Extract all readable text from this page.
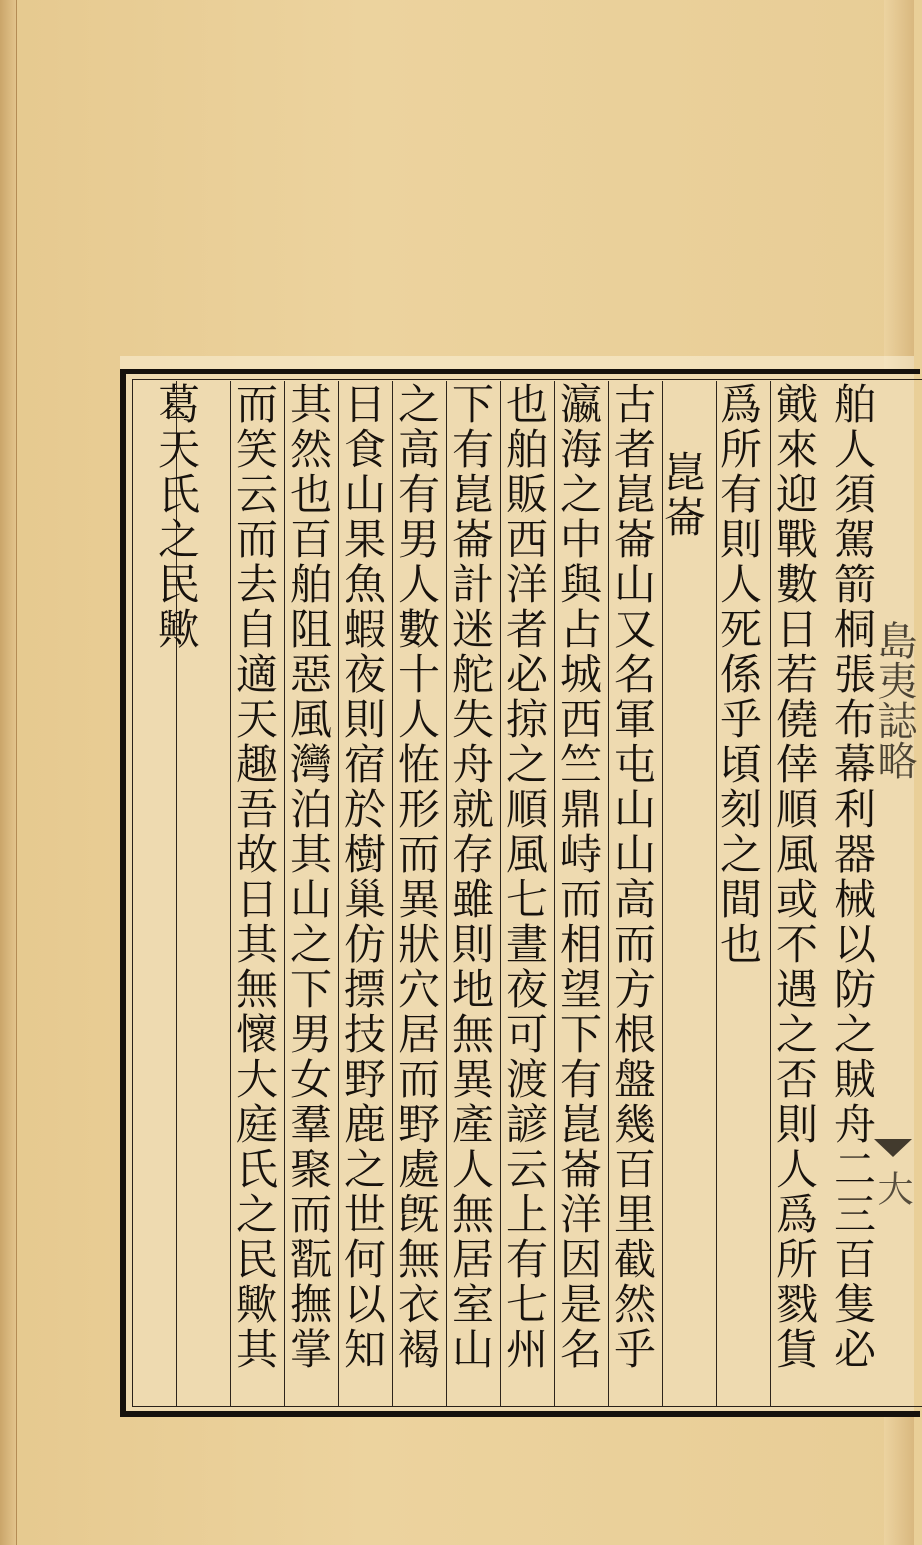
舶人須駕箭桐張布幕利器械以防之賊舟二三百隻必
戭來迎戰數日若僥倖順風或不遇之否則人爲所戮貨
爲所有則人死係乎頃刻之間也
崑崙
古者崑崙山又名軍屯山山高而方根盤幾百里截然乎
瀛海之中與占城西竺鼎峙而相望下有崑崙洋因是名
也舶販西洋者必掠之順風七晝夜可渡諺云上有七州
下有崑崙計迷舵失舟就存雖則地無異產人無居室山
之高有男人數十人恠形而異狀穴居而野處旣無衣褐
日食山果魚蝦夜則宿於樹巢仿摽技野鹿之世何以知
其然也百舶阻惡風灣泊其山之下男女羣聚而翫撫掌
而笑云而去自適天趣吾故日其無懷大庭氏之民歟其
葛天氏之民歟
島夷誌略
大
